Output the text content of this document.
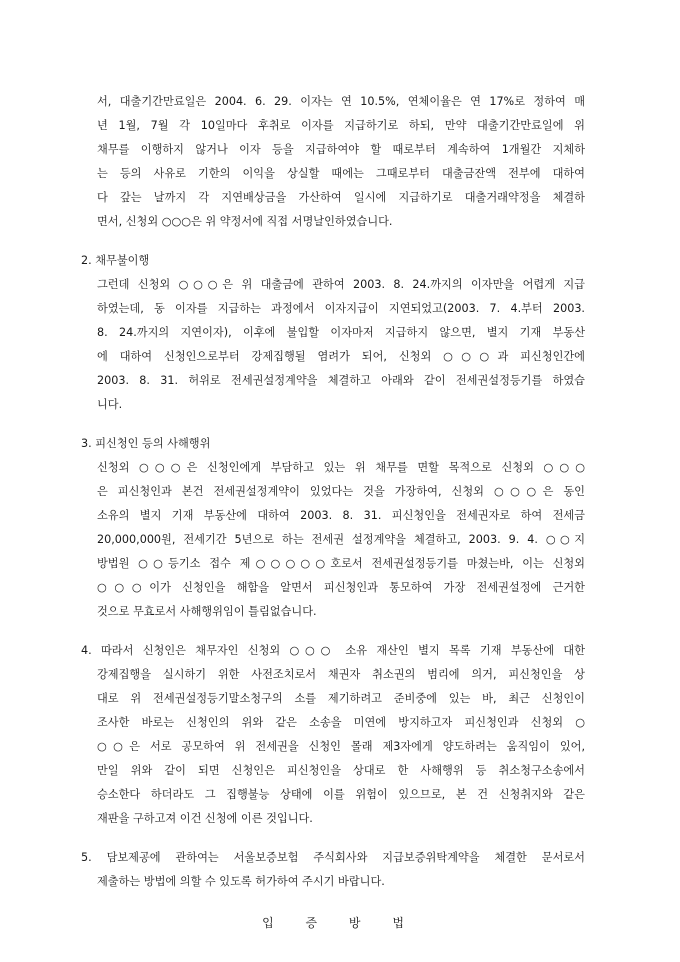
서, 대출기간만료일은 2004. 6. 29. 이자는 연 10.5%, 연체이율은 연 17%로 정하여 매
년 1월, 7월 각 10일마다 후취로 이자를 지급하기로 하되, 만약 대출기간만료일에 위
채무를 이행하지 않거나 이자 등을 지급하여야 할 때로부터 계속하여 1개월간 지체하
는 등의 사유로 기한의 이익을 상실할 때에는 그때로부터 대출금잔액 전부에 대하여
다 갚는 날까지 각 지연배상금을 가산하여 일시에 지급하기로 대출거래약정을 체결하
면서, 신청외 ○○○은 위 약정서에 직접 서명날인하였습니다.
2. 채무불이행
그런데 신청외 ○○○은 위 대출금에 관하여 2003. 8. 24.까지의 이자만을 어렵게 지급
하였는데, 동 이자를 지급하는 과정에서 이자지급이 지연되었고(2003. 7. 4.부터 2003.
8. 24.까지의 지연이자), 이후에 불입할 이자마저 지급하지 않으면, 별지 기재 부동산
에 대하여 신청인으로부터 강제집행될 염려가 되어, 신청외 ○○○과 피신청인간에
2003. 8. 31. 허위로 전세권설정계약을 체결하고 아래와 같이 전세권설정등기를 하였습
니다.
3. 피신청인 등의 사해행위
신청외 ○○○은 신청인에게 부담하고 있는 위 채무를 면할 목적으로 신청외 ○○○
은 피신청인과 본건 전세권설정계약이 있었다는 것을 가장하여, 신청외 ○○○은 동인
소유의 별지 기재 부동산에 대하여 2003. 8. 31. 피신청인을 전세권자로 하여 전세금
20,000,000원, 전세기간 5년으로 하는 전세권 설정계약을 체결하고, 2003. 9. 4. ○○지
방법원 ○○등기소 접수 제○○○○○호로서 전세권설정등기를 마쳤는바, 이는 신청외
○○○이가 신청인을 해함을 알면서 피신청인과 통모하여 가장 전세권설정에 근거한
것으로 무효로서 사해행위임이 틀림없습니다.
4. 따라서 신청인은 채무자인 신청외 ○○○ 소유 재산인 별지 목록 기재 부동산에 대한
강제집행을 실시하기 위한 사전조치로서 채권자 취소권의 범리에 의거, 피신청인을 상
대로 위 전세권설정등기말소청구의 소를 제기하려고 준비중에 있는 바, 최근 신청인이
조사한 바로는 신청인의 위와 같은 소송을 미연에 방지하고자 피신청인과 신청외 ○
○○은 서로 공모하여 위 전세권을 신청인 몰래 제3자에게 양도하려는 움직임이 있어,
만일 위와 같이 되면 신청인은 피신청인을 상대로 한 사해행위 등 취소청구소송에서
승소한다 하더라도 그 집행불능 상태에 이를 위험이 있으므로, 본 건 신청취지와 같은
재판을 구하고져 이건 신청에 이른 것입니다.
5. 담보제공에 관하여는 서울보증보험 주식회사와 지급보증위탁계약을 체결한 문서로서
제출하는 방법에 의할 수 있도록 허가하여 주시기 바랍니다.
입 증 방 법
